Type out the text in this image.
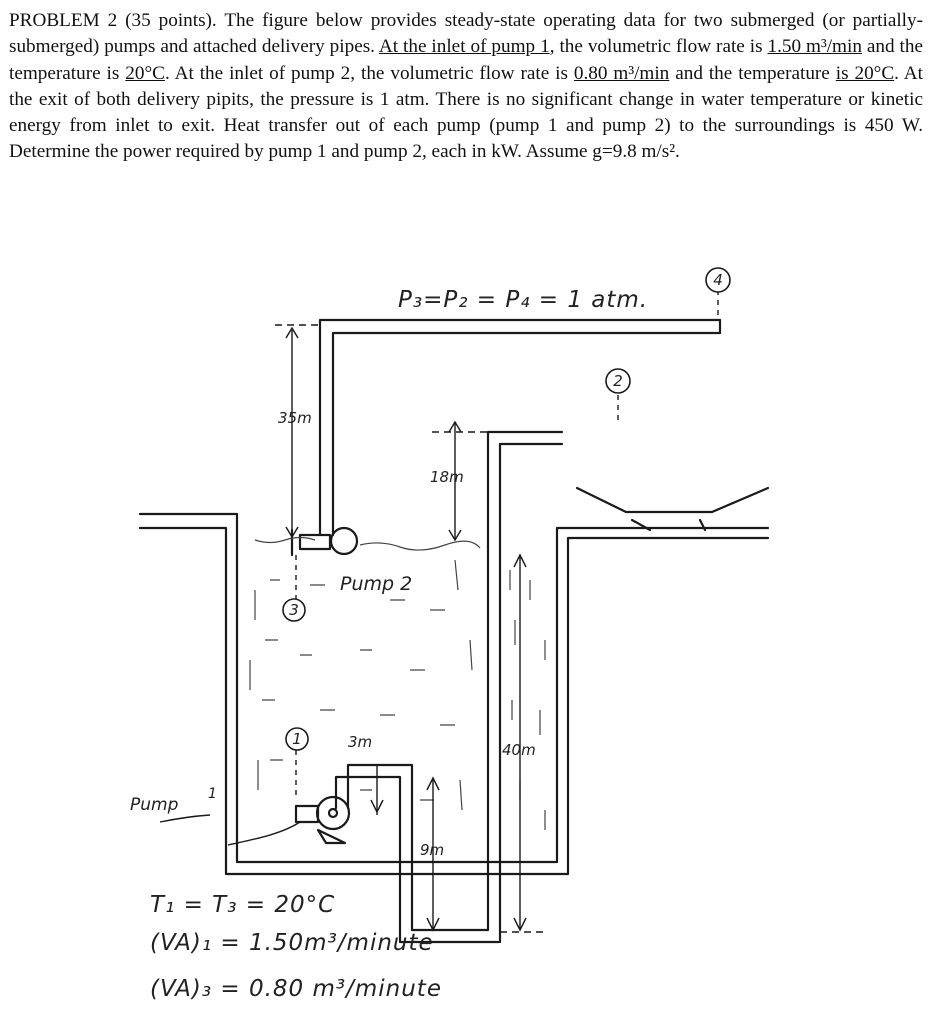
PROBLEM 2 (35 points). The figure below provides steady-state operating data for two submerged (or partially-submerged) pumps and attached delivery pipes. At the inlet of pump 1, the volumetric flow rate is 1.50 m³/min and the temperature is 20°C. At the inlet of pump 2, the volumetric flow rate is 0.80 m³/min and the temperature is 20°C. At the exit of both delivery pipits, the pressure is 1 atm. There is no significant change in water temperature or kinetic energy from inlet to exit. Heat transfer out of each pump (pump 1 and pump 2) to the surroundings is 450 W. Determine the power required by pump 1 and pump 2, each in kW. Assume g=9.8 m/s².
4
2
3
1
P₃=P₂ = P₄ = 1 atm.
35m
18m
3m
9m
40m
Pump 2
Pump
1
T₁ = T₃ = 20°C
(VA)₁ = 1.50m³/minute
(VA)₃ = 0.80 m³/minute
